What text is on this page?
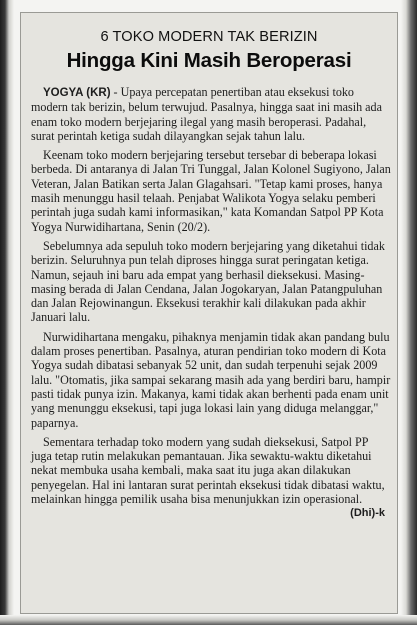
6 TOKO MODERN TAK BERIZIN
Hingga Kini Masih Beroperasi

YOGYA (KR) - Upaya percepatan penertiban atau eksekusi toko modern tak berizin, belum terwujud. Pasalnya, hingga saat ini masih ada enam toko modern berjejaring ilegal yang masih beroperasi. Padahal, surat perintah ketiga sudah dilayangkan sejak tahun lalu.

Keenam toko modern berjejaring tersebut tersebar di beberapa lokasi berbeda. Di antaranya di Jalan Tri Tunggal, Jalan Kolonel Sugiyono, Jalan Veteran, Jalan Batikan serta Jalan Glagahsari. "Tetap kami proses, hanya masih menunggu hasil telaah. Penjabat Walikota Yogya selaku pemberi perintah juga sudah kami informasikan," kata Komandan Satpol PP Kota Yogya Nurwidihartana, Senin (20/2).

Sebelumnya ada sepuluh toko modern berjejaring yang diketahui tidak berizin. Seluruhnya pun telah diproses hingga surat peringatan ketiga. Namun, sejauh ini baru ada empat yang berhasil dieksekusi. Masing-masing berada di Jalan Cendana, Jalan Jogokaryan, Jalan Patangpuluhan dan Jalan Rejowinangun. Eksekusi terakhir kali dilakukan pada akhir Januari lalu.

Nurwidihartana mengaku, pihaknya menjamin tidak akan pandang bulu dalam proses penertiban. Pasalnya, aturan pendirian toko modern di Kota Yogya sudah dibatasi sebanyak 52 unit, dan sudah terpenuhi sejak 2009 lalu. "Otomatis, jika sampai sekarang masih ada yang berdiri baru, hampir pasti tidak punya izin. Makanya, kami tidak akan berhenti pada enam unit yang menunggu eksekusi, tapi juga lokasi lain yang diduga melanggar," paparnya.

Sementara terhadap toko modern yang sudah dieksekusi, Satpol PP juga tetap rutin melakukan pemantauan. Jika sewaktu-waktu diketahui nekat membuka usaha kembali, maka saat itu juga akan dilakukan penyegelan. Hal ini lantaran surat perintah eksekusi tidak dibatasi waktu, melainkan hingga pemilik usaha bisa menunjukkan izin operasional.
(Dhi)-k
